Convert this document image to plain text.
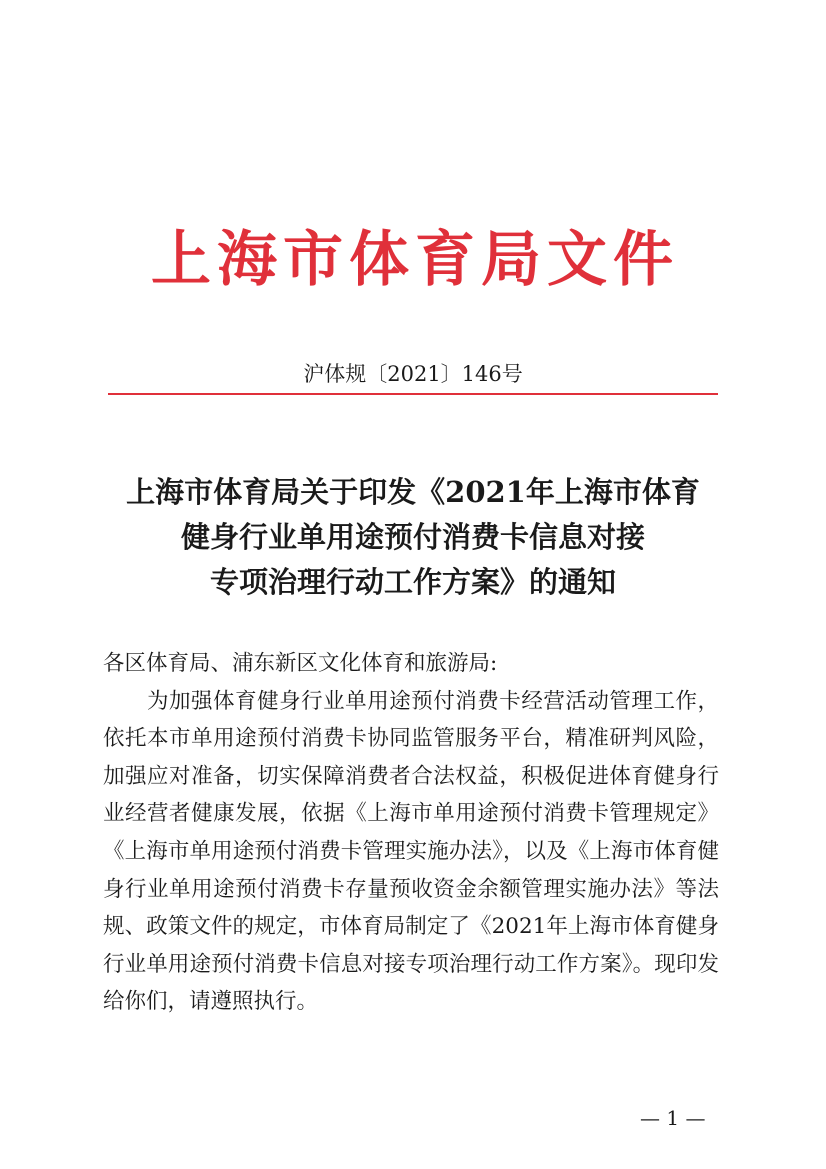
上海市体育局文件
沪体规〔2021〕146号
上海市体育局关于印发《2021年上海市体育
健身行业单用途预付消费卡信息对接
专项治理行动工作方案》的通知
各区体育局、浦东新区文化体育和旅游局:
为加强体育健身行业单用途预付消费卡经营活动管理工作，
依托本市单用途预付消费卡协同监管服务平台，精准研判风险，
加强应对准备，切实保障消费者合法权益，积极促进体育健身行
业经营者健康发展，依据《上海市单用途预付消费卡管理规定》
《上海市单用途预付消费卡管理实施办法》，以及《上海市体育健
身行业单用途预付消费卡存量预收资金余额管理实施办法》等法
规、政策文件的规定，市体育局制定了《2021年上海市体育健身
行业单用途预付消费卡信息对接专项治理行动工作方案》。现印发
给你们，请遵照执行。
— 1 —
